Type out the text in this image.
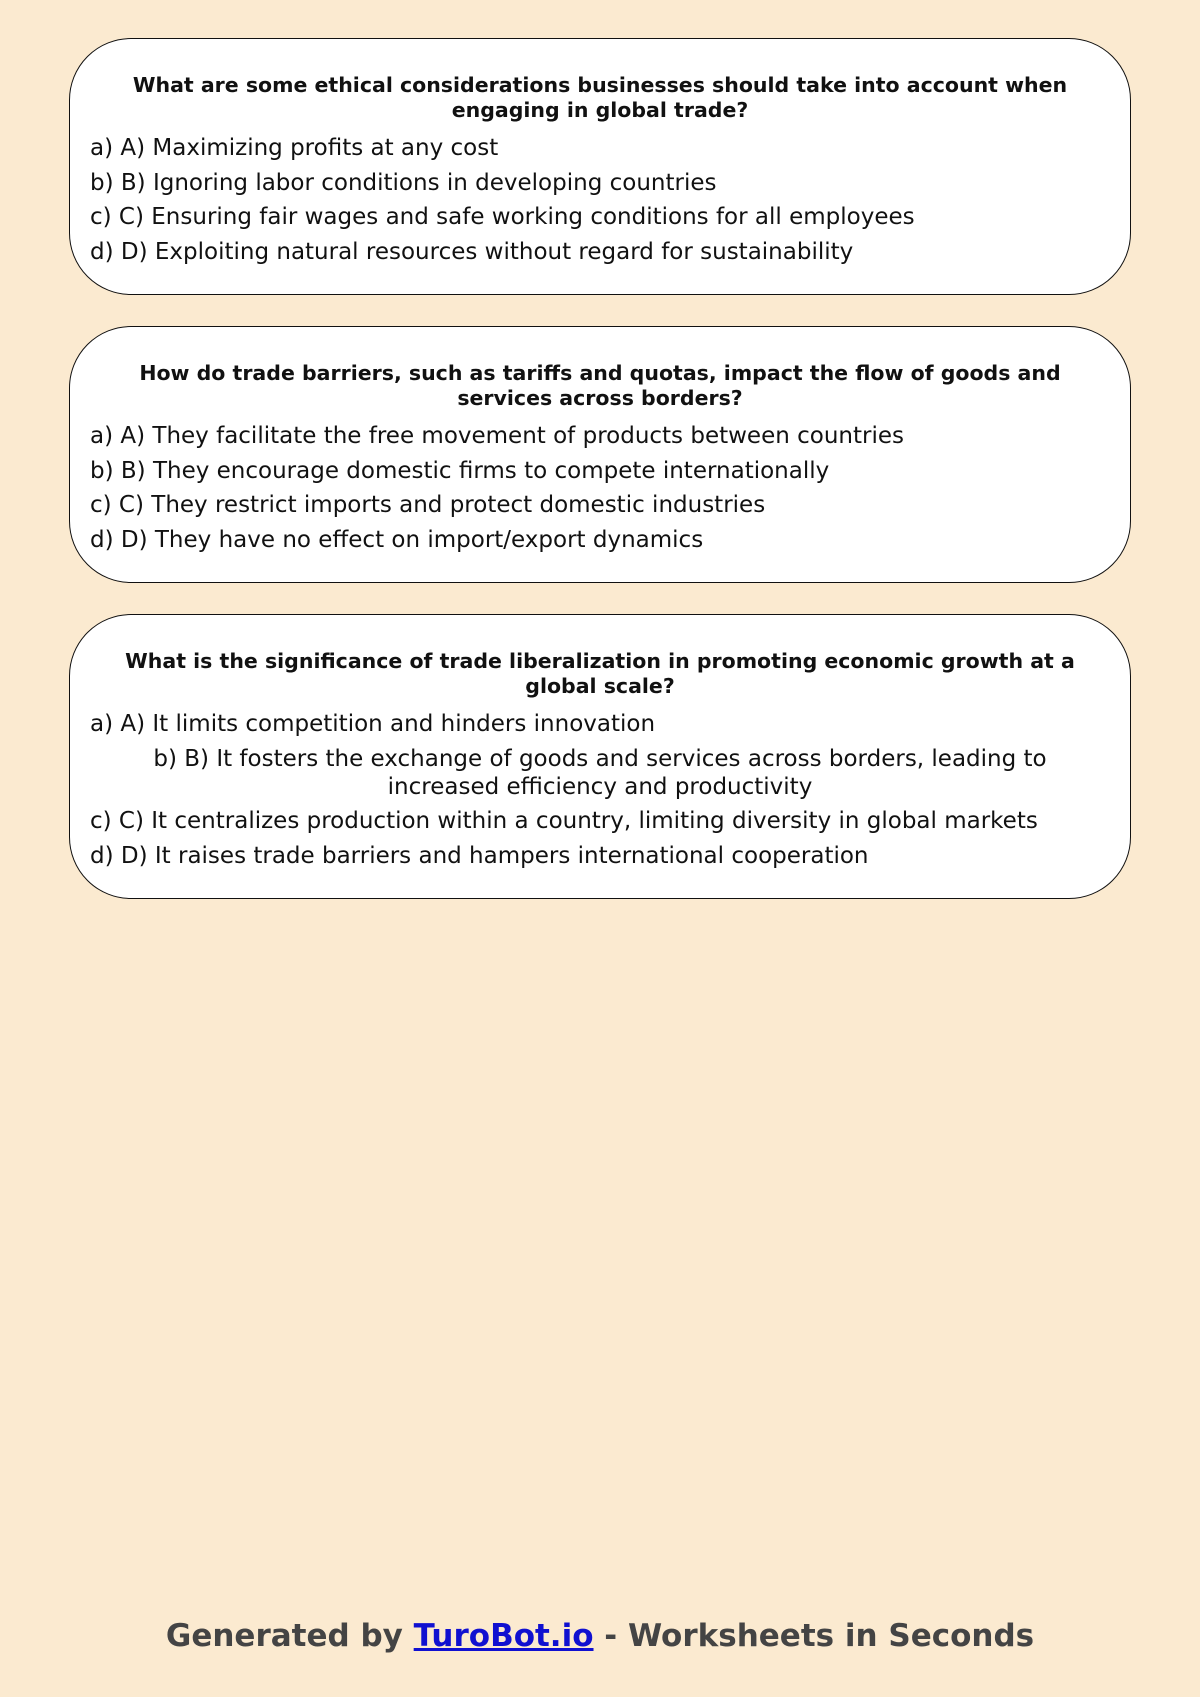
What are some ethical considerations businesses should take into account when engaging in global trade?
a) A) Maximizing profits at any cost
b) B) Ignoring labor conditions in developing countries
c) C) Ensuring fair wages and safe working conditions for all employees
d) D) Exploiting natural resources without regard for sustainability
How do trade barriers, such as tariffs and quotas, impact the flow of goods and services across borders?
a) A) They facilitate the free movement of products between countries
b) B) They encourage domestic firms to compete internationally
c) C) They restrict imports and protect domestic industries
d) D) They have no effect on import/export dynamics
What is the significance of trade liberalization in promoting economic growth at a global scale?
a) A) It limits competition and hinders innovation
b) B) It fosters the exchange of goods and services across borders, leading to increased efficiency and productivity
c) C) It centralizes production within a country, limiting diversity in global markets
d) D) It raises trade barriers and hampers international cooperation
Generated by TuroBot.io - Worksheets in Seconds
